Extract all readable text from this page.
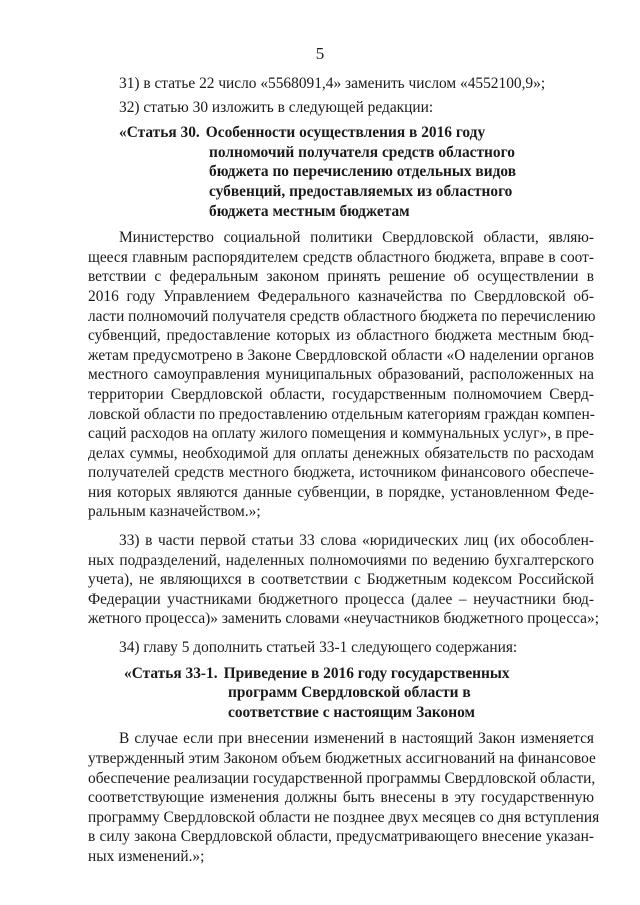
5
31) в статье 22 число «5568091,4» заменить числом «4552100,9»;
32) статью 30 изложить в следующей редакции:
«Статья 30. Особенности осуществления в 2016 году
полномочий получателя средств областного
бюджета по перечислению отдельных видов
субвенций, предоставляемых из областного
бюджета местным бюджетам
Министерство социальной политики Свердловской области, являю-
щееся главным распорядителем средств областного бюджета, вправе в соот-
ветствии с федеральным законом принять решение об осуществлении в
2016 году Управлением Федерального казначейства по Свердловской об-
ласти полномочий получателя средств областного бюджета по перечислению
субвенций, предоставление которых из областного бюджета местным бюд-
жетам предусмотрено в Законе Свердловской области «О наделении органов
местного самоуправления муниципальных образований, расположенных на
территории Свердловской области, государственным полномочием Сверд-
ловской области по предоставлению отдельным категориям граждан компен-
саций расходов на оплату жилого помещения и коммунальных услуг», в пре-
делах суммы, необходимой для оплаты денежных обязательств по расходам
получателей средств местного бюджета, источником финансового обеспече-
ния которых являются данные субвенции, в порядке, установленном Феде-
ральным казначейством.»;
33) в части первой статьи 33 слова «юридических лиц (их обособлен-
ных подразделений, наделенных полномочиями по ведению бухгалтерского
учета), не являющихся в соответствии с Бюджетным кодексом Российской
Федерации участниками бюджетного процесса (далее – неучастники бюд-
жетного процесса)» заменить словами «неучастников бюджетного процесса»;
34) главу 5 дополнить статьей 33-1 следующего содержания:
«Статья 33-1. Приведение в 2016 году государственных
программ Свердловской области в
соответствие с настоящим Законом
В случае если при внесении изменений в настоящий Закон изменяется
утвержденный этим Законом объем бюджетных ассигнований на финансовое
обеспечение реализации государственной программы Свердловской области,
соответствующие изменения должны быть внесены в эту государственную
программу Свердловской области не позднее двух месяцев со дня вступления
в силу закона Свердловской области, предусматривающего внесение указан-
ных изменений.»;
